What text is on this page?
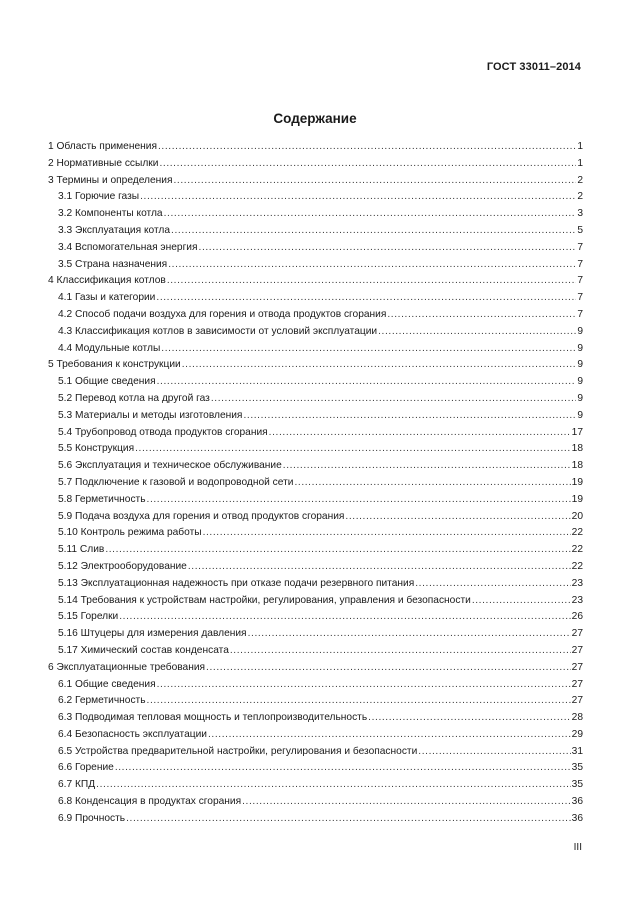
ГОСТ 33011–2014
Содержание
1 Область применения .....	1
2 Нормативные ссылки .....	1
3 Термины и определения .....	2
3.1 Горючие газы .....	2
3.2 Компоненты котла .....	3
3.3 Эксплуатация котла .....	5
3.4 Вспомогательная энергия .....	7
3.5 Страна назначения .....	7
4 Классификация котлов .....	7
4.1 Газы и категории .....	7
4.2 Способ подачи воздуха для горения и отвода продуктов сгорания .....	7
4.3 Классификация котлов в зависимости от условий эксплуатации .....	9
4.4 Модульные котлы .....	9
5 Требования к конструкции .....	9
5.1 Общие сведения .....	9
5.2 Перевод котла на другой газ .....	9
5.3 Материалы и методы изготовления .....	9
5.4 Трубопровод отвода продуктов сгорания .....	17
5.5 Конструкция .....	18
5.6 Эксплуатация и техническое обслуживание .....	18
5.7 Подключение к газовой и водопроводной сети .....	19
5.8 Герметичность .....	19
5.9 Подача воздуха для горения и отвод продуктов сгорания .....	20
5.10 Контроль режима работы .....	22
5.11 Слив .....	22
5.12 Электрооборудование .....	22
5.13 Эксплуатационная надежность при отказе подачи резервного питания .....	23
5.14 Требования к устройствам настройки, регулирования, управления и безопасности .....	23
5.15 Горелки .....	26
5.16 Штуцеры для измерения давления .....	27
5.17 Химический состав конденсата .....	27
6 Эксплуатационные требования .....	27
6.1 Общие сведения .....	27
6.2 Герметичность .....	27
6.3 Подводимая тепловая мощность и теплопроизводительность .....	28
6.4 Безопасность эксплуатации .....	29
6.5 Устройства предварительной настройки, регулирования и безопасности .....	31
6.6 Горение .....	35
6.7 КПД .....	35
6.8 Конденсация в продуктах сгорания .....	36
6.9 Прочность .....	36
III
